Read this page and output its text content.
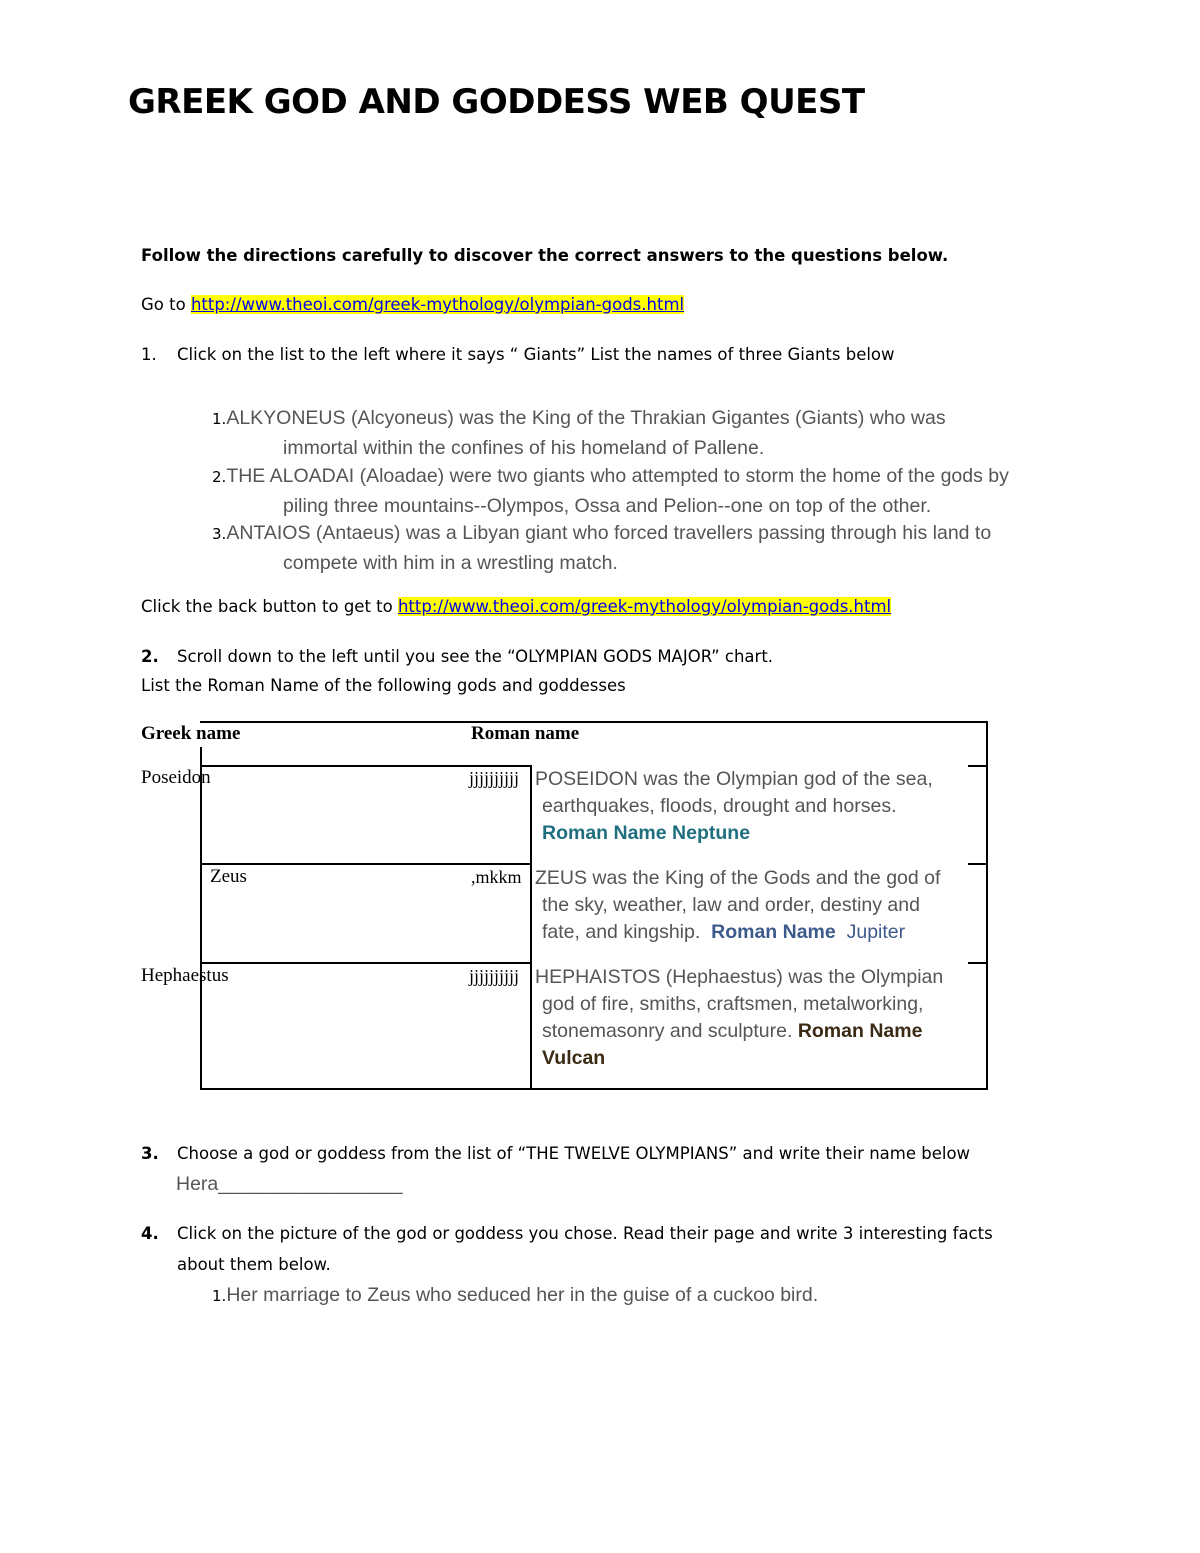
GREEK GOD AND GODDESS WEB QUEST
Follow the directions carefully to discover the correct answers to the questions below.
Go to http://www.theoi.com/greek-mythology/olympian-gods.html
1. Click on the list to the left where it says “ Giants” List the names of three Giants below
1.ALKYONEUS (Alcyoneus) was the King of the Thrakian Gigantes (Giants) who was
immortal within the confines of his homeland of Pallene.
2.THE ALOADAI (Aloadae) were two giants who attempted to storm the home of the gods by
piling three mountains--Olympos, Ossa and Pelion--one on top of the other.
3.ANTAIOS (Antaeus) was a Libyan giant who forced travellers passing through his land to
compete with him in a wrestling match.
Click the back button to get to http://www.theoi.com/greek-mythology/olympian-gods.html
2. Scroll down to the left until you see the “OLYMPIAN GODS MAJOR” chart.
List the Roman Name of the following gods and goddesses
Greek name	Roman name
Poseidon	jjjjjjjjjj POSEIDON was the Olympian god of the sea,
earthquakes, floods, drought and horses.
Roman Name Neptune
Zeus	,mkkm ZEUS was the King of the Gods and the god of
the sky, weather, law and order, destiny and
fate, and kingship. Roman Name Jupiter
Hephaestus	jjjjjjjjjj HEPHAISTOS (Hephaestus) was the Olympian
god of fire, smiths, craftsmen, metalworking,
stonemasonry and sculpture. Roman Name
Vulcan
3. Choose a god or goddess from the list of “THE TWELVE OLYMPIANS” and write their name below
Hera_________________
4. Click on the picture of the god or goddess you chose. Read their page and write 3 interesting facts
about them below.
1.Her marriage to Zeus who seduced her in the guise of a cuckoo bird.
